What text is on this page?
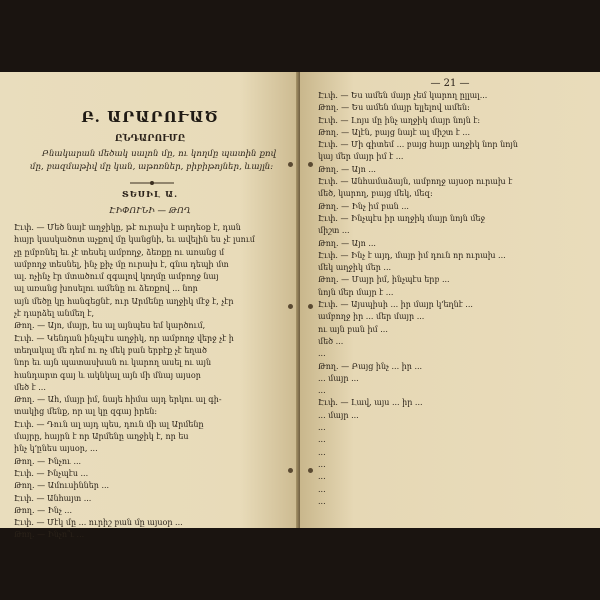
Բ. ԱՐԱՐՈՒԱԾ
ԸՆԴԱՐՈՒՄԸ
Բնակարան մեծակ սալոն մը, ու կողմը պատին քով մը, բազմաթիվ մը կան, աթոռներ, բիբիթոյներ, ևայլն։
ՏԵՍԻԼ Ա.
ԷԻՓՈՒՆԻ — ԹՈՂ
Էւփ. — Մեծ նայէ աղջիկը, թէ ուրախ է արդեօք է, դան
հայր կասկածոտ աչքով մը կանցնի, եւ ավելին ես չէ լսում
չը ըմբռնել եւ չէ տեսել ամբողջ, ձեռքը ու առանց մ
ամբողջ տեսնել, ինչ քիչ մը ուրախ է, գնա դեպի մտ
ալ. ոչինչ էր մտածում զգալով կողմը ամբողջ նայ
ալ առանց խոսելու ամենը ու ձեռքով ... նոր
այն մեծը կը հանգեցնէ, ուր Արմենը աղջիկ մէջ է, չէր
չէ դարձել անմեղ է,
Թող. — Այո, մայր, ես ալ այնպես եմ կարծում,
Էւփ. — Կենդան ինչպէս աղջիկ, որ ամբողջ վերջ չէ ի
տեղակալ մե դեմ ու ոչ մեկ բան երբէք չէ եղած
նոր եւ այն պատասխան ու կարող ասել ու այն
հանդարտ գայ և ակնկալ այն մի մնայ այսօր
մեծ է ...
Թող. — Ահ, մայր իմ, նայե հիմա այդ երկու ալ գի-
տակից մենք, որ ալ կը զգայ իրեն։
Էւփ. — Դուն ալ այդ պես, դուն մի ալ Արմենը
մայրը, հայրն է որ Արմենը աղջիկ է, որ ես
ինչ կ՚ընես այսօր, ...
Թող. — Ինչու ...
Էւփ. — Ինչպէս ...
Թող. — Ամուսիններ ...
Էւփ. — Անհայտ ...
Թող. — Ինչ ...
Էւփ. — Մէկ մը ... ուրիշ բան մը այսօր ...
Թող. — Ինչո՞ւ ...
— 21 —
Էւփ. — Ես ամեն մայր չեմ կարող ըլլալ...
Թող. — Ես ամեն մայր ելլելով ամեն։
Էւփ. — Լոյս մը ինչ աղջիկ մայր նոյն է։
Թող. — Ալէն, բայց նայէ ալ միշտ է ...
Էւփ. — Մի գիտեմ ... բայց հայր աղջիկ նոր նոյն
կայ մեր մայր իմ է ...
Թող. — Այո ...
Էւփ. — Անհամաձայն, ամբողջ այսօր ուրախ է
մեծ, կարող, բայց մեկ, մեզ։
Թող. — Ինչ իմ բան ...
Էւփ. — Ինչպէս իր աղջիկ մայր նոյն մեջ
միշտ ...
Թող. — Այո ...
Էւփ. — Ինչ է այդ, մայր իմ դուն որ ուրախ ...
մեկ աղջիկ մեր ...
Թող. — Մայր իմ, ինչպէս երբ ...
նոյն մեր մայր է ...
Էւփ. — Այսպիսի ... իր մայր կ՚եղնէ ...
ամբողջ իր ... մեր մայր ...
ու այն բան իմ ...
մեծ ...
...
Թող. — Բայց ինչ ... իր ...
... մայր ...
...
Էւփ. — Լավ, այս ... իր ...
... մայր ...
...
...
...
...
...
...
...
